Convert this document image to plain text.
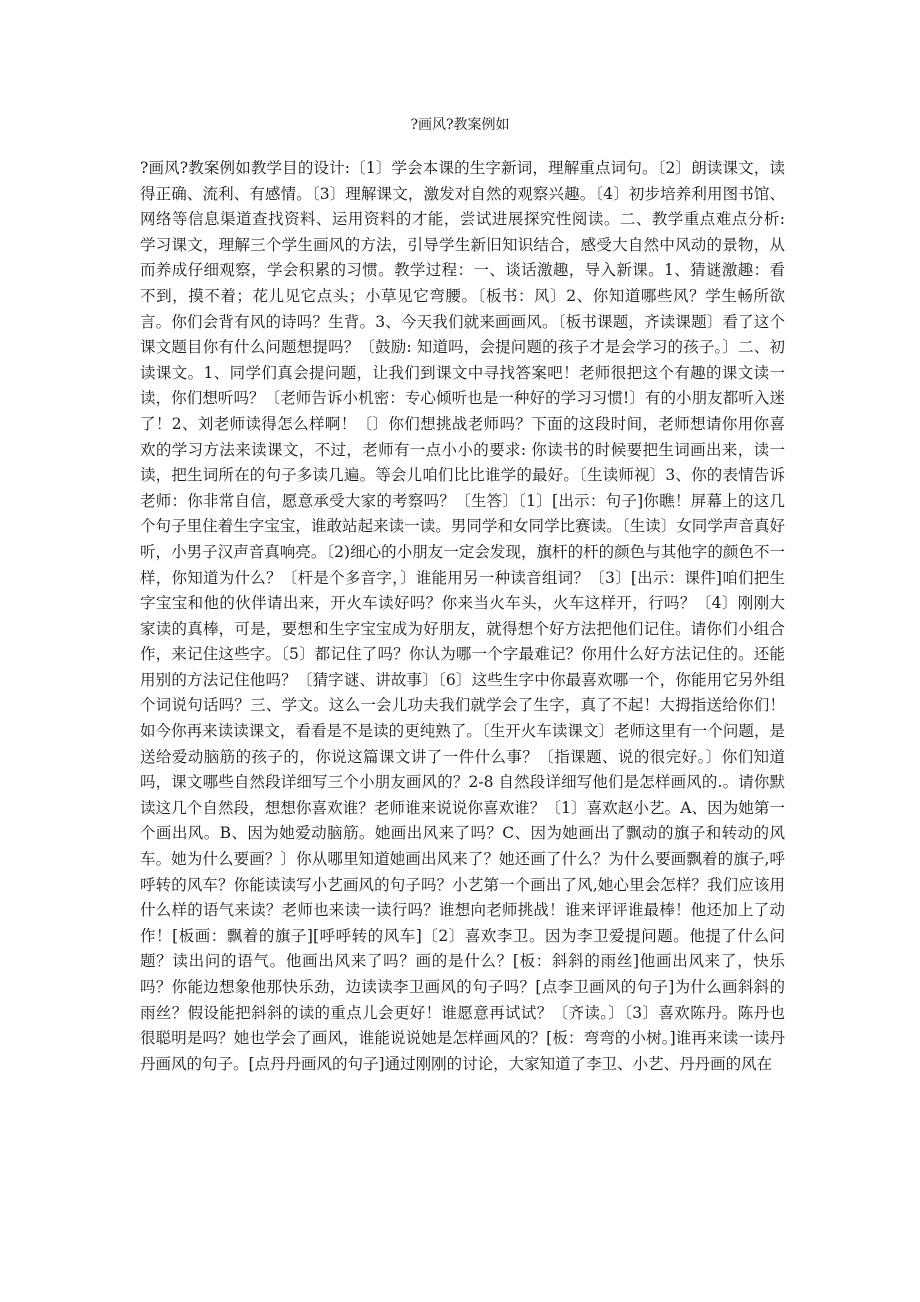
?画风?教案例如

?画风?教案例如教学目的设计:〔1〕学会本课的生字新词，理解重点词句。〔2〕朗读课文，读得正确、流利、有感情。〔3〕理解课文，激发对自然的观察兴趣。〔4〕初步培养利用图书馆、网络等信息渠道查找资料、运用资料的才能，尝试进展探究性阅读。二、教学重点难点分析: 学习课文，理解三个学生画风的方法，引导学生新旧知识结合，感受大自然中风动的景物，从而养成仔细观察，学会积累的习惯。教学过程：一、谈话激趣，导入新课。1、猜谜激趣：看不到，摸不着；花儿见它点头；小草见它弯腰。〔板书：风〕2、你知道哪些风？学生畅所欲言。你们会背有风的诗吗？生背。3、今天我们就来画画风。〔板书课题，齐读课题〕看了这个课文题目你有什么问题想提吗？〔鼓励: 知道吗，会提问题的孩子才是会学习的孩子。〕二、初读课文。1、同学们真会提问题，让我们到课文中寻找答案吧！老师很把这个有趣的课文读一读，你们想听吗？〔老师告诉小机密：专心倾听也是一种好的学习习惯!〕有的小朋友都听入迷了！2、刘老师读得怎么样啊！〔〕你们想挑战老师吗？下面的这段时间，老师想请你用你喜欢的学习方法来读课文，不过，老师有一点小小的要求: 你读书的时候要把生词画出来，读一读，把生词所在的句子多读几遍。等会儿咱们比比谁学的最好。〔生读师视〕3、你的表情告诉老师：你非常自信，愿意承受大家的考察吗？〔生答〕〔1〕[出示：句子]你瞧！屏幕上的这几个句子里住着生字宝宝，谁敢站起来读一读。男同学和女同学比赛读。〔生读〕女同学声音真好听，小男子汉声音真响亮。〔2)细心的小朋友一定会发现，旗杆的杆的颜色与其他字的颜色不一样，你知道为什么？〔杆是个多音字，〕谁能用另一种读音组词？〔3〕[出示：课件]咱们把生字宝宝和他的伙伴请出来，开火车读好吗？你来当火车头，火车这样开，行吗？〔4〕刚刚大家读的真棒，可是，要想和生字宝宝成为好朋友，就得想个好方法把他们记住。请你们小组合作，来记住这些字。〔5〕都记住了吗？你认为哪一个字最难记？你用什么好方法记住的。还能用别的方法记住他吗？〔猜字谜、讲故事〕〔6〕这些生字中你最喜欢哪一个，你能用它另外组个词说句话吗？三、学文。这么一会儿功夫我们就学会了生字，真了不起！大拇指送给你们！如今你再来读读课文，看看是不是读的更纯熟了。〔生开火车读课文〕老师这里有一个问题，是送给爱动脑筋的孩子的，你说这篇课文讲了一件什么事？〔指课题、说的很完好。〕你们知道吗，课文哪些自然段详细写三个小朋友画风的？2-8 自然段详细写他们是怎样画风的.。请你默读这几个自然段，想想你喜欢谁？老师谁来说说你喜欢谁？〔1〕喜欢赵小艺。A、因为她第一个画出风。B、因为她爱动脑筋。她画出风来了吗？C、因为她画出了飘动的旗子和转动的风车。她为什么要画？〕你从哪里知道她画出风来了？她还画了什么？为什么要画飘着的旗子,呼呼转的风车？你能读读写小艺画风的句子吗？小艺第一个画出了风,她心里会怎样？我们应该用什么样的语气来读？老师也来读一读行吗？谁想向老师挑战！谁来评评谁最棒！他还加上了动作！[板画：飘着的旗子][呼呼转的风车]〔2〕喜欢李卫。因为李卫爱提问题。他提了什么问题？读出问的语气。他画出风来了吗？画的是什么？[板：斜斜的雨丝]他画出风来了，快乐吗？你能边想象他那快乐劲，边读读李卫画风的句子吗？[点李卫画风的句子]为什么画斜斜的雨丝？假设能把斜斜的读的重点儿会更好！谁愿意再试试？〔齐读。〕〔3〕喜欢陈丹。陈丹也很聪明是吗？她也学会了画风，谁能说说她是怎样画风的？[板：弯弯的小树。]谁再来读一读丹丹画风的句子。[点丹丹画风的句子]通过刚刚的讨论，大家知道了李卫、小艺、丹丹画的风在
